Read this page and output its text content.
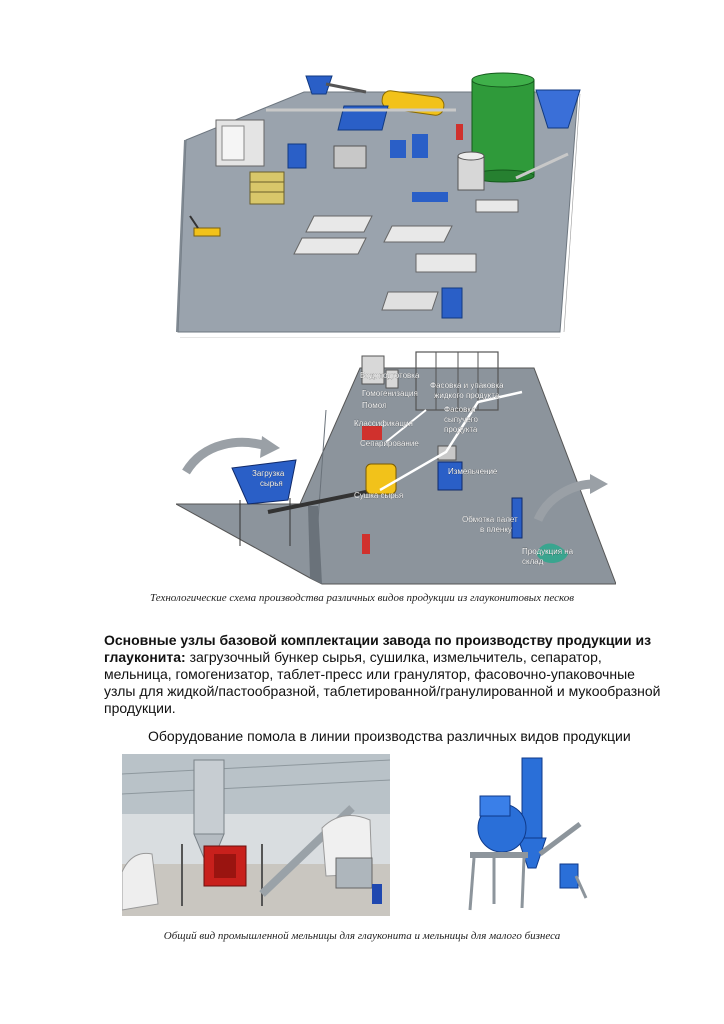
Водоподготовка
Гомогенизация
Помол
Классификация
Сепарирование
Фасовка и упаковка
жидкого продукта
Фасовка
сыпучего
продукта
Загрузка
сырья
Измельчение
Сушка сырья
Обмотка палет
в пленку
Продукция на
склад
Технологические схема производства различных видов продукции из глауконитовых песков
Основные узлы базовой комплектации завода по производству продукции из глауконита: загрузочный бункер сырья, сушилка, измельчитель, сепаратор, мельница, гомогенизатор, таблет-пресс или гранулятор, фасовочно-упаковочные узлы для жидкой/пастообразной, таблетированной/гранулированной и мукообразной продукции.
Оборудование помола в линии производства различных видов продукции
Общий вид промышленной мельницы для глауконита и мельницы для малого бизнеса
